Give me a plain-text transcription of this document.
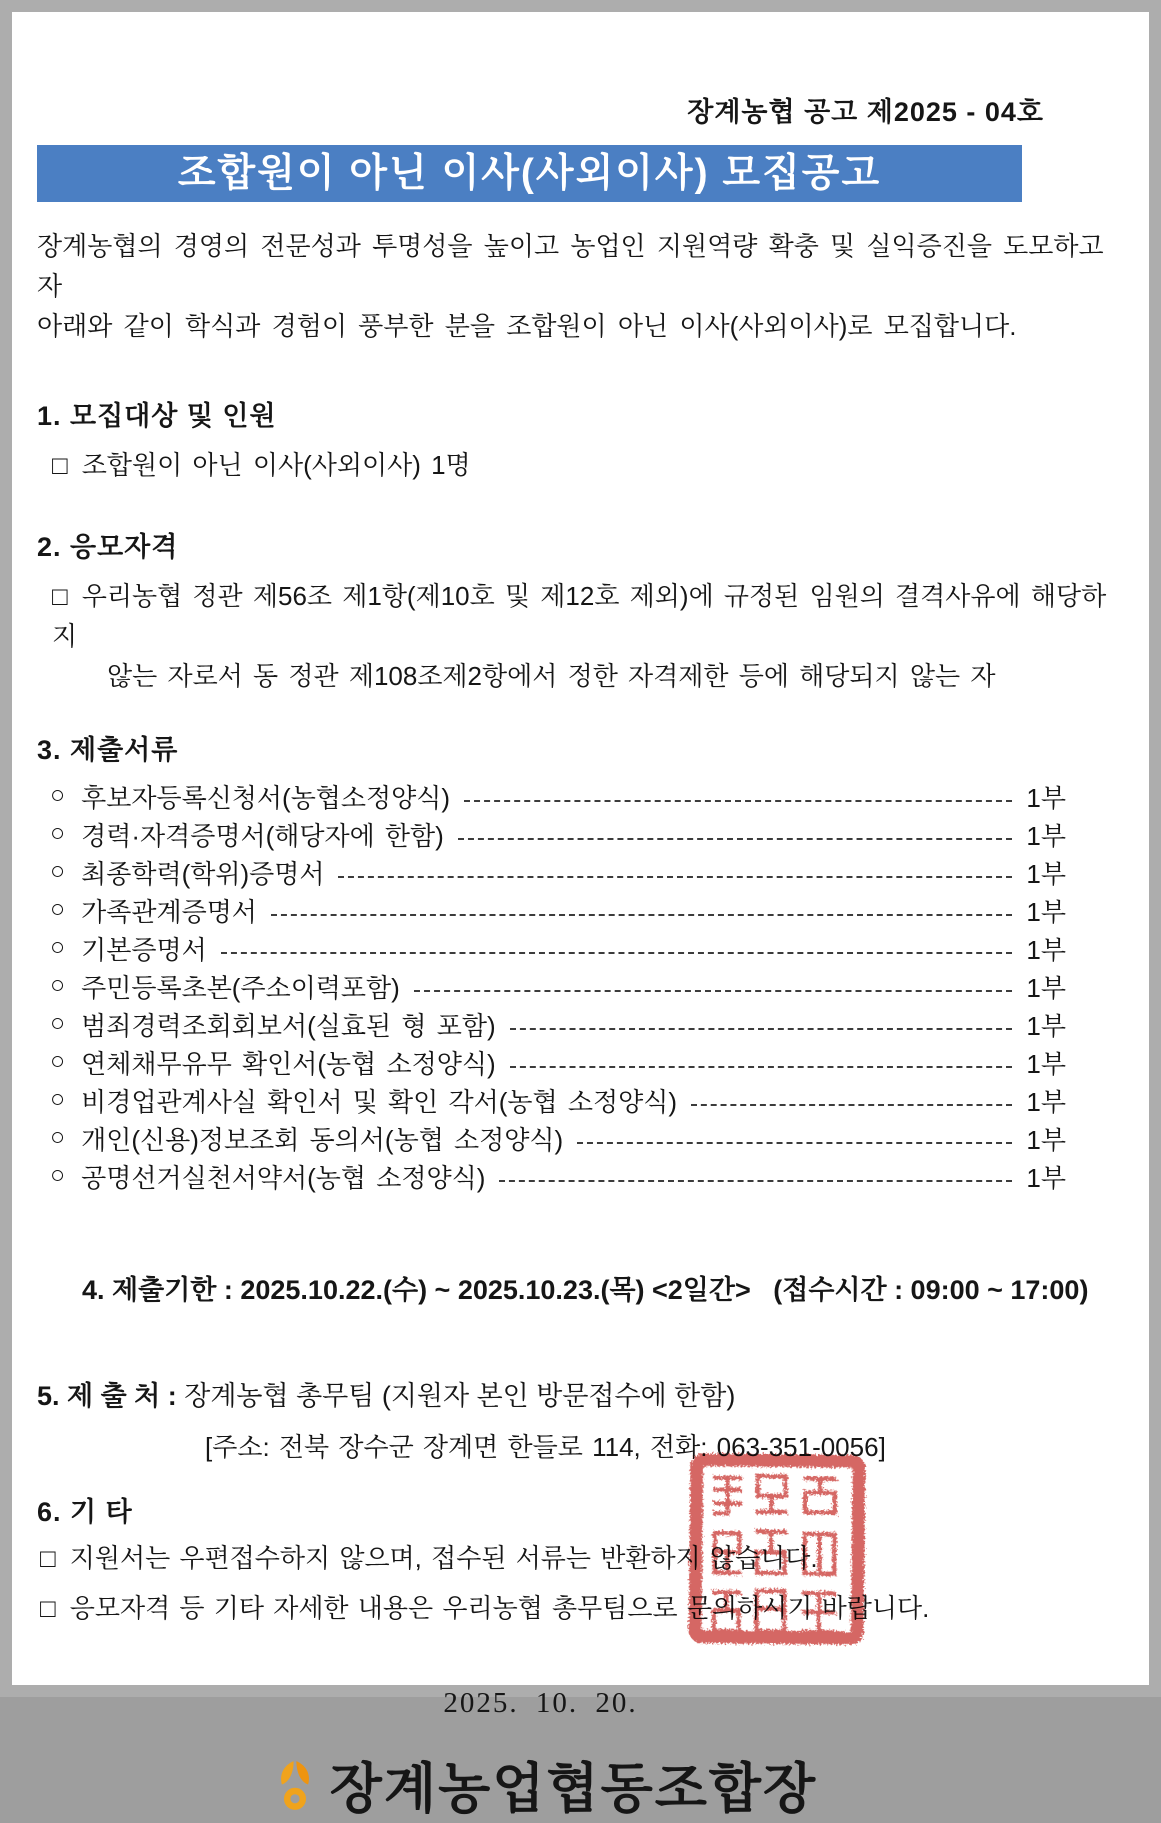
장계농협 공고 제2025 - 04호
조합원이 아닌 이사(사외이사) 모집공고
장계농협의 경영의 전문성과 투명성을 높이고 농업인 지원역량 확충 및 실익증진을 도모하고자
아래와 같이 학식과 경험이 풍부한 분을 조합원이 아닌 이사(사외이사)로 모집합니다.
1. 모집대상 및 인원
□ 조합원이 아닌 이사(사외이사) 1명
2. 응모자격
□ 우리농협 정관 제56조 제1항(제10호 및 제12호 제외)에 규정된 임원의 결격사유에 해당하지
않는 자로서 동 정관 제108조제2항에서 정한 자격제한 등에 해당되지 않는 자
3. 제출서류
○ 후보자등록신청서(농협소정양식)	1부
○ 경력·자격증명서(해당자에 한함)	1부
○ 최종학력(학위)증명서	1부
○ 가족관계증명서	1부
○ 기본증명서	1부
○ 주민등록초본(주소이력포함)	1부
○ 범죄경력조회회보서(실효된 형 포함)	1부
○ 연체채무유무 확인서(농협 소정양식)	1부
○ 비경업관계사실 확인서 및 확인 각서(농협 소정양식)	1부
○ 개인(신용)정보조회 동의서(농협 소정양식)	1부
○ 공명선거실천서약서(농협 소정양식)	1부

4. 제출기한 : 2025.10.22.(수) ~ 2025.10.23.(목) <2일간>   (접수시간 : 09:00 ~ 17:00)

5. 제 출 처 : 장계농협 총무팀 (지원자 본인 방문접수에 한함)
[주소: 전북 장수군 장계면 한들로 114, 전화: 063-351-0056]
6. 기 타
□ 지원서는 우편접수하지 않으며, 접수된 서류는 반환하지 않습니다.
□ 응모자격 등 기타 자세한 내용은 우리농협 총무팀으로 문의하시기 바랍니다.
2025. 10. 20.
장계농업협동조합장
